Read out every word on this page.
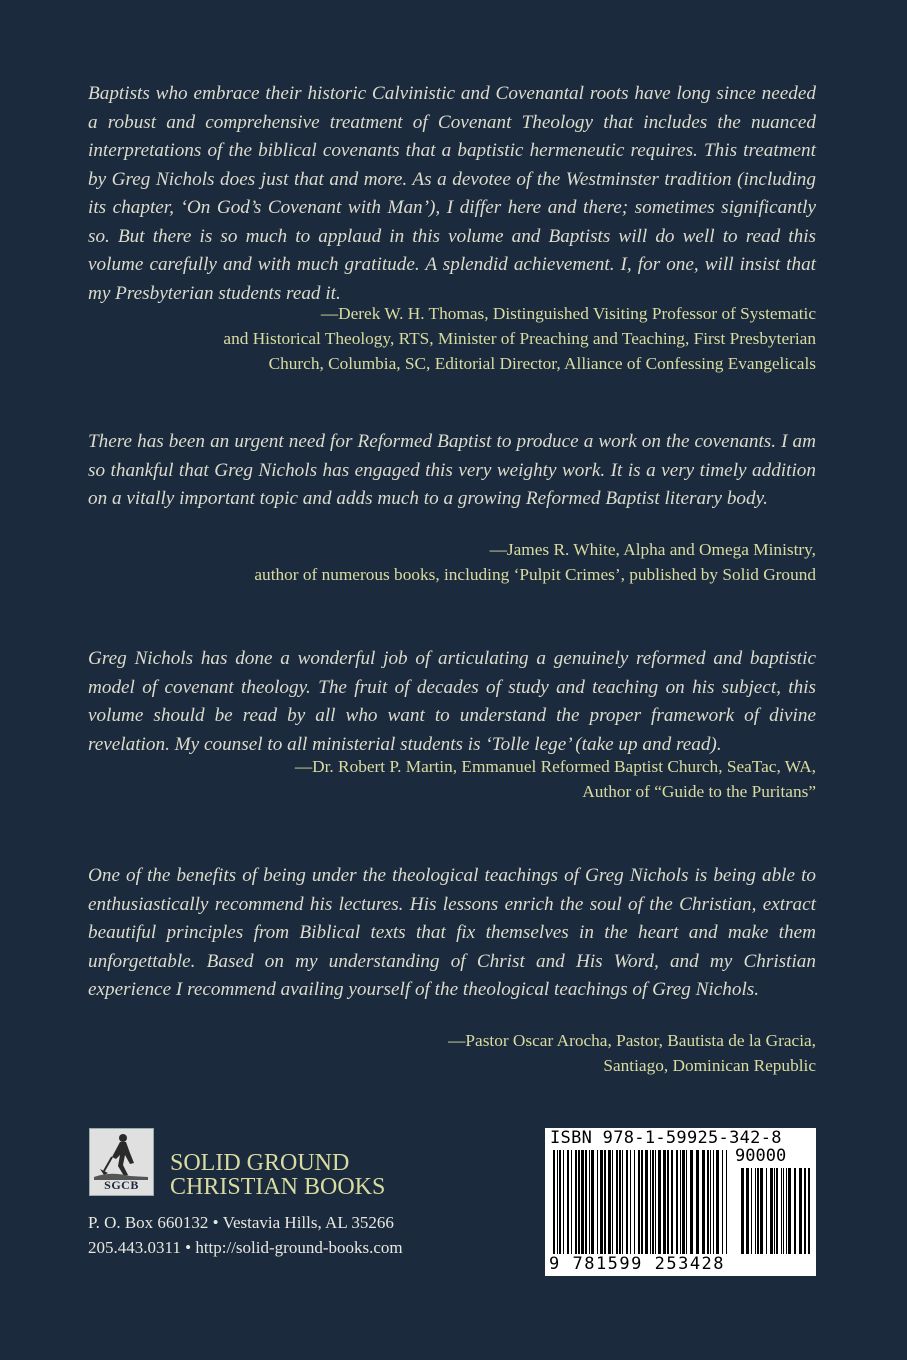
Baptists who embrace their historic Calvinistic and Covenantal roots have long since needed a robust and comprehensive treatment of Covenant Theology that includes the nuanced interpretations of the biblical covenants that a baptistic hermeneutic requires. This treatment by Greg Nichols does just that and more. As a devotee of the Westminster tradition (including its chapter, ‘On God’s Covenant with Man’), I differ here and there; sometimes significantly so. But there is so much to applaud in this volume and Baptists will do well to read this volume carefully and with much gratitude. A splendid achievement. I, for one, will insist that my Presbyterian students read it.

—Derek W. H. Thomas, Distinguished Visiting Professor of Systematic
and Historical Theology, RTS, Minister of Preaching and Teaching, First Presbyterian
Church, Columbia, SC, Editorial Director, Alliance of Confessing Evangelicals

There has been an urgent need for Reformed Baptist to produce a work on the covenants. I am so thankful that Greg Nichols has engaged this very weighty work. It is a very timely addition on a vitally important topic and adds much to a growing Reformed Baptist literary body.

—James R. White, Alpha and Omega Ministry,
author of numerous books, including ‘Pulpit Crimes’, published by Solid Ground

Greg Nichols has done a wonderful job of articulating a genuinely reformed and baptistic model of covenant theology. The fruit of decades of study and teaching on his subject, this volume should be read by all who want to understand the proper framework of divine revelation. My counsel to all ministerial students is ‘Tolle lege’ (take up and read).

—Dr. Robert P. Martin, Emmanuel Reformed Baptist Church, SeaTac, WA,
Author of “Guide to the Puritans”

One of the benefits of being under the theological teachings of Greg Nichols is being able to enthusiastically recommend his lectures. His lessons enrich the soul of the Christian, extract beautiful principles from Biblical texts that fix themselves in the heart and make them unforgettable. Based on my understanding of Christ and His Word, and my Christian experience I recommend availing yourself of the theological teachings of Greg Nichols.

—Pastor Oscar Arocha, Pastor, Bautista de la Gracia,
Santiago, Dominican Republic
SGCB
SOLID GROUND
CHRISTIAN BOOKS
P. O. Box 660132 • Vestavia Hills, AL 35266
205.443.0311 • http://solid-ground-books.com
ISBN 978-1-59925-342-8
90000
9 781599 253428
